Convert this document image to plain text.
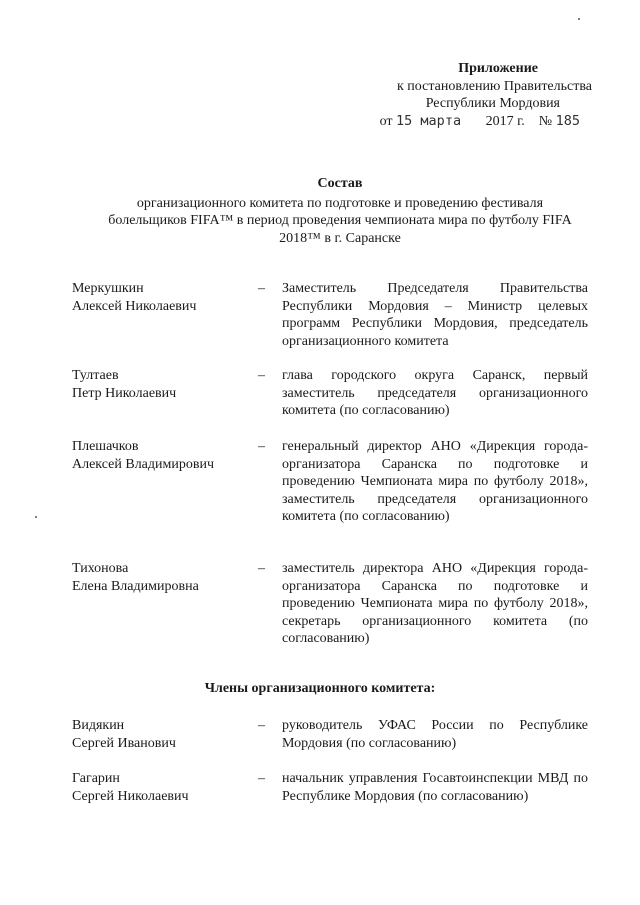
Приложение
к постановлению Правительства
Республики Мордовия
от 15 марта 2017 г. № 185
Состав
организационного комитета по подготовке и проведению фестиваля
болельщиков FIFA™ в период проведения чемпионата мира по футболу FIFA
2018™ в г. Саранске
Меркушкин
Алексей Николаевич
– Заместитель Председателя Правительства Республики Мордовия – Министр целевых программ Республики Мордовия, председатель организационного комитета
Тултаев
Петр Николаевич
– глава городского округа Саранск, первый заместитель председателя организационного комитета (по согласованию)
Плешачков
Алексей Владимирович
– генеральный директор АНО «Дирекция города-организатора Саранска по подготовке и проведению Чемпионата мира по футболу 2018», заместитель председателя организационного комитета (по согласованию)
Тихонова
Елена Владимировна
– заместитель директора АНО «Дирекция города-организатора Саранска по подготовке и проведению Чемпионата мира по футболу 2018», секретарь организационного комитета (по согласованию)
Члены организационного комитета:
Видякин
Сергей Иванович
– руководитель УФАС России по Республике Мордовия (по согласованию)
Гагарин
Сергей Николаевич
– начальник управления Госавтоинспекции МВД по Республике Мордовия (по согласованию)
